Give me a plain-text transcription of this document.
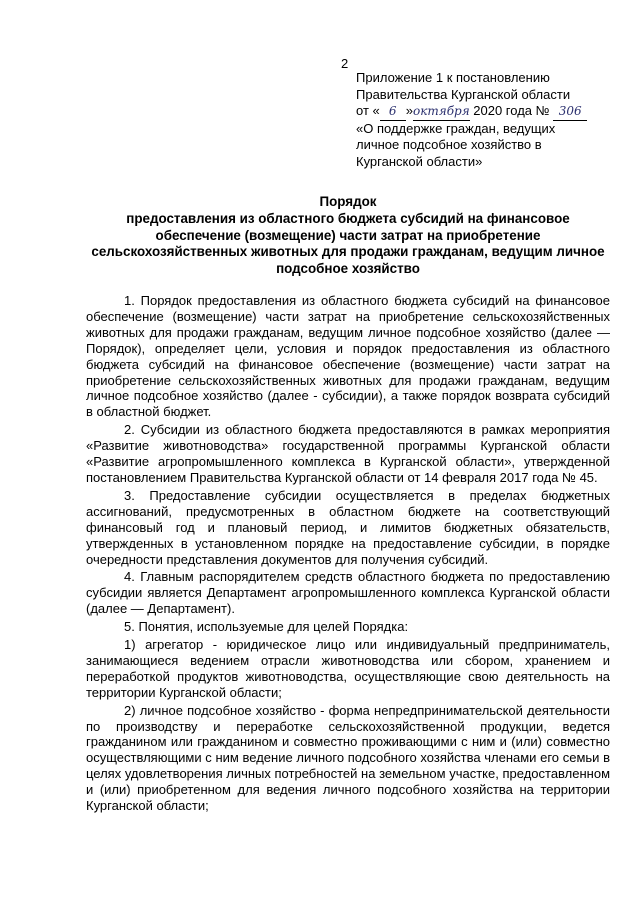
2
Приложение 1 к постановлению
Правительства Курганской области
от « 6 »октября 2020 года № 306
«О поддержке граждан, ведущих
личное подсобное хозяйство в
Курганской области»
Порядок
предоставления из областного бюджета субсидий на финансовое обеспечение (возмещение) части затрат на приобретение сельскохозяйственных животных для продажи гражданам, ведущим личное подсобное хозяйство

1. Порядок предоставления из областного бюджета субсидий на финансовое обеспечение (возмещение) части затрат на приобретение сельскохозяйственных животных для продажи гражданам, ведущим личное подсобное хозяйство (далее — Порядок), определяет цели, условия и порядок предоставления из областного бюджета субсидий на финансовое обеспечение (возмещение) части затрат на приобретение сельскохозяйственных животных для продажи гражданам, ведущим личное подсобное хозяйство (далее - субсидии), а также порядок возврата субсидий в областной бюджет.

2. Субсидии из областного бюджета предоставляются в рамках мероприятия «Развитие животноводства» государственной программы Курганской области «Развитие агропромышленного комплекса в Курганской области», утвержденной постановлением Правительства Курганской области от 14 февраля 2017 года № 45.

3. Предоставление субсидии осуществляется в пределах бюджетных ассигнований, предусмотренных в областном бюджете на соответствующий финансовый год и плановый период, и лимитов бюджетных обязательств, утвержденных в установленном порядке на предоставление субсидии, в порядке очередности представления документов для получения субсидий.

4. Главным распорядителем средств областного бюджета по предоставлению субсидии является Департамент агропромышленного комплекса Курганской области (далее — Департамент).

5. Понятия, используемые для целей Порядка:

1) агрегатор - юридическое лицо или индивидуальный предприниматель, занимающиеся ведением отрасли животноводства или сбором, хранением и переработкой продуктов животноводства, осуществляющие свою деятельность на территории Курганской области;

2) личное подсобное хозяйство - форма непредпринимательской деятельности по производству и переработке сельскохозяйственной продукции, ведется гражданином или гражданином и совместно проживающими с ним и (или) совместно осуществляющими с ним ведение личного подсобного хозяйства членами его семьи в целях удовлетворения личных потребностей на земельном участке, предоставленном и (или) приобретенном для ведения личного подсобного хозяйства на территории Курганской области;
